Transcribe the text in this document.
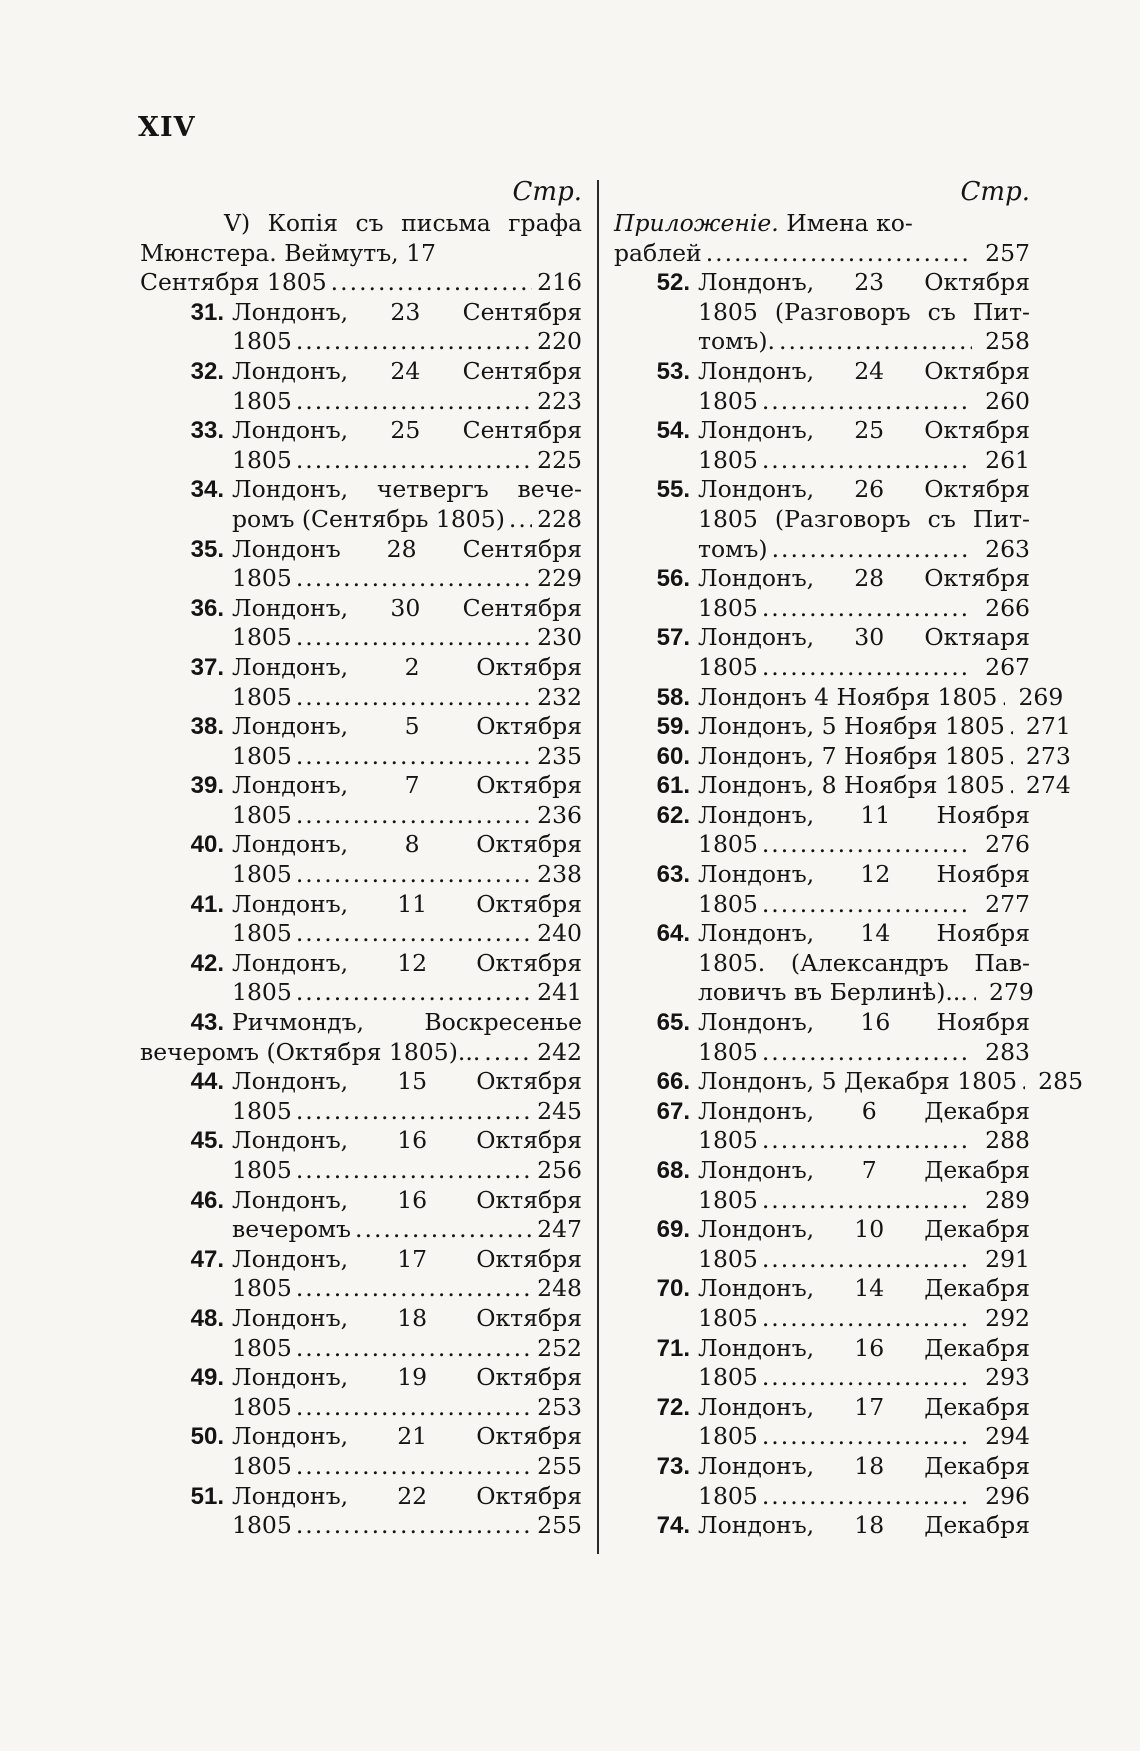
XIV
Стр.
V) Копія съ письма графа Мюнстера. Веймутъ, 17
Сентября 1805 .....	216
31. Лондонъ, 23 Сентября
1805 .....	220
32. Лондонъ, 24 Сентября
1805 .....	223
33. Лондонъ, 25 Сентября
1805 .....	225
34. Лондонъ, четвергъ вече-
ромъ (Сентябрь 1805) ..... 228
35. Лондонъ 28 Сентября
1805 .....	229
36. Лондонъ, 30 Сентября
1805 .....	230
37. Лондонъ, 2 Октября
1805 .....	232
38. Лондонъ, 5 Октября
1805 .....	235
39. Лондонъ, 7 Октября
1805 .....	236
40. Лондонъ, 8 Октября
1805 .....	238
41. Лондонъ, 11 Октября
1805 .....	240
42. Лондонъ, 12 Октября
1805 .....	241
43. Ричмондъ, Воскресенье
вечеромъ (Октября 1805)... ..... 242
44. Лондонъ, 15 Октября
1805 .....	245
45. Лондонъ, 16 Октября
1805 .....	256
46. Лондонъ, 16 Октября
вечеромъ .....	247
47. Лондонъ, 17 Октября
1805 .....	248
48. Лондонъ, 18 Октября
1805 .....	252
49. Лондонъ, 19 Октября
1805 .....	253
50. Лондонъ, 21 Октября
1805 .....	255
51. Лондонъ, 22 Октября
1805 .....	255
Стр.
Приложеніе. Имена ко-
раблей .....	257
52. Лондонъ, 23 Октября
1805 (Разговоръ съ Пит-
томъ). .....	258
53. Лондонъ, 24 Октября
1805 .....	260
54. Лондонъ, 25 Октября
1805 .....	261
55. Лондонъ, 26 Октября
1805 (Разговоръ съ Пит-
томъ) .....	263
56. Лондонъ, 28 Октября
1805 .....	266
57. Лондонъ, 30 Октяаря
1805 .....	267
58. Лондонъ 4 Ноября 1805 ..... 269
59. Лондонъ, 5 Ноября 1805 ..... 271
60. Лондонъ, 7 Ноября 1805 ..... 273
61. Лондонъ, 8 Ноября 1805 ..... 274
62. Лондонъ, 11 Ноября
1805 .....	276
63. Лондонъ, 12 Ноября
1805 .....	277
64. Лондонъ, 14 Ноября
1805. (Александръ Пав-
ловичъ въ Берлинѣ)... ..... 279
65. Лондонъ, 16 Ноября
1805 .....	283
66. Лондонъ, 5 Декабря 1805 ..... 285
67. Лондонъ, 6 Декабря
1805 .....	288
68. Лондонъ, 7 Декабря
1805 .....	289
69. Лондонъ, 10 Декабря
1805 .....	291
70. Лондонъ, 14 Декабря
1805 .....	292
71. Лондонъ, 16 Декабря
1805 .....	293
72. Лондонъ, 17 Декабря
1805 .....	294
73. Лондонъ, 18 Декабря
1805 .....	296
74. Лондонъ, 18 Декабря
